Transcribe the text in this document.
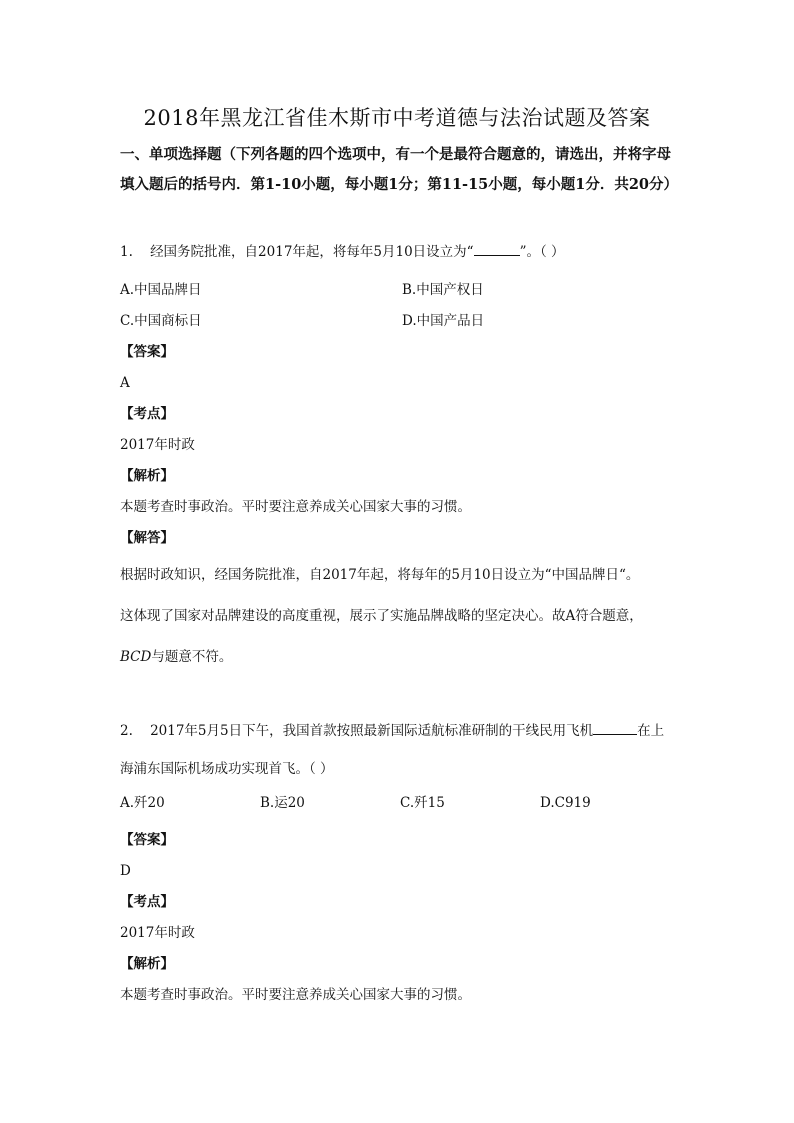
2018年黑龙江省佳木斯市中考道德与法治试题及答案
一、单项选择题（下列各题的四个选项中，有一个是最符合题意的，请选出，并将字母填入题后的括号内．第1-10小题，每小题1分；第11-15小题，每小题1分．共20分）
1. 经国务院批准，自2017年起，将每年5月10日设立为“	”。（ ）
A.中国品牌日	B.中国产权日
C.中国商标日	D.中国产品日
【答案】
A
【考点】
2017年时政
【解析】
本题考查时事政治。平时要注意养成关心国家大事的习惯。
【解答】
根据时政知识，经国务院批准，自2017年起，将每年的5月10日设立为“中国品牌日“。
这体现了国家对品牌建设的高度重视，展示了实施品牌战略的坚定决心。故A符合题意，
BCD与题意不符。
2. 2017年5月5日下午，我国首款按照最新国际适航标准研制的干线民用飞机	在上
海浦东国际机场成功实现首飞。（ ）
A.歼20	B.运20	C.歼15	D.C919
【答案】
D
【考点】
2017年时政
【解析】
本题考查时事政治。平时要注意养成关心国家大事的习惯。
